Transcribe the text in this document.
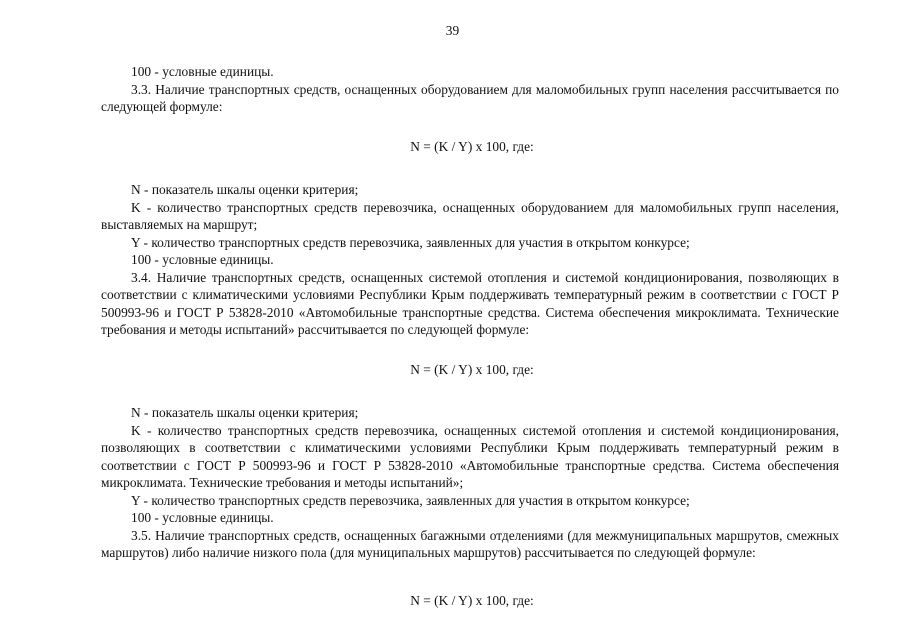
39

100 - условные единицы.

3.3. Наличие транспортных средств, оснащенных оборудованием для маломобильных групп населения рассчитывается по следующей формуле:

N = (K / Y) x 100, где:

N - показатель шкалы оценки критерия;

K - количество транспортных средств перевозчика, оснащенных оборудованием для маломобильных групп населения, выставляемых на маршрут;

Y - количество транспортных средств перевозчика, заявленных для участия в открытом конкурсе;

100 - условные единицы.

3.4. Наличие транспортных средств, оснащенных системой отопления и системой кондиционирования, позволяющих в соответствии с климатическими условиями Республики Крым поддерживать температурный режим в соответствии с ГОСТ Р 500993-96 и ГОСТ Р 53828-2010 «Автомобильные транспортные средства. Система обеспечения микроклимата. Технические требования и методы испытаний» рассчитывается по следующей формуле:

N = (K / Y) x 100, где:

N - показатель шкалы оценки критерия;

K - количество транспортных средств перевозчика, оснащенных системой отопления и системой кондиционирования, позволяющих в соответствии с климатическими условиями Республики Крым поддерживать температурный режим в соответствии с ГОСТ Р 500993-96 и ГОСТ Р 53828-2010 «Автомобильные транспортные средства. Система обеспечения микроклимата. Технические требования и методы испытаний»;

Y - количество транспортных средств перевозчика, заявленных для участия в открытом конкурсе;

100 - условные единицы.

3.5. Наличие транспортных средств, оснащенных багажными отделениями (для межмуниципальных маршрутов, смежных маршрутов) либо наличие низкого пола (для муниципальных маршрутов) рассчитывается по следующей формуле:

N = (K / Y) x 100, где:
